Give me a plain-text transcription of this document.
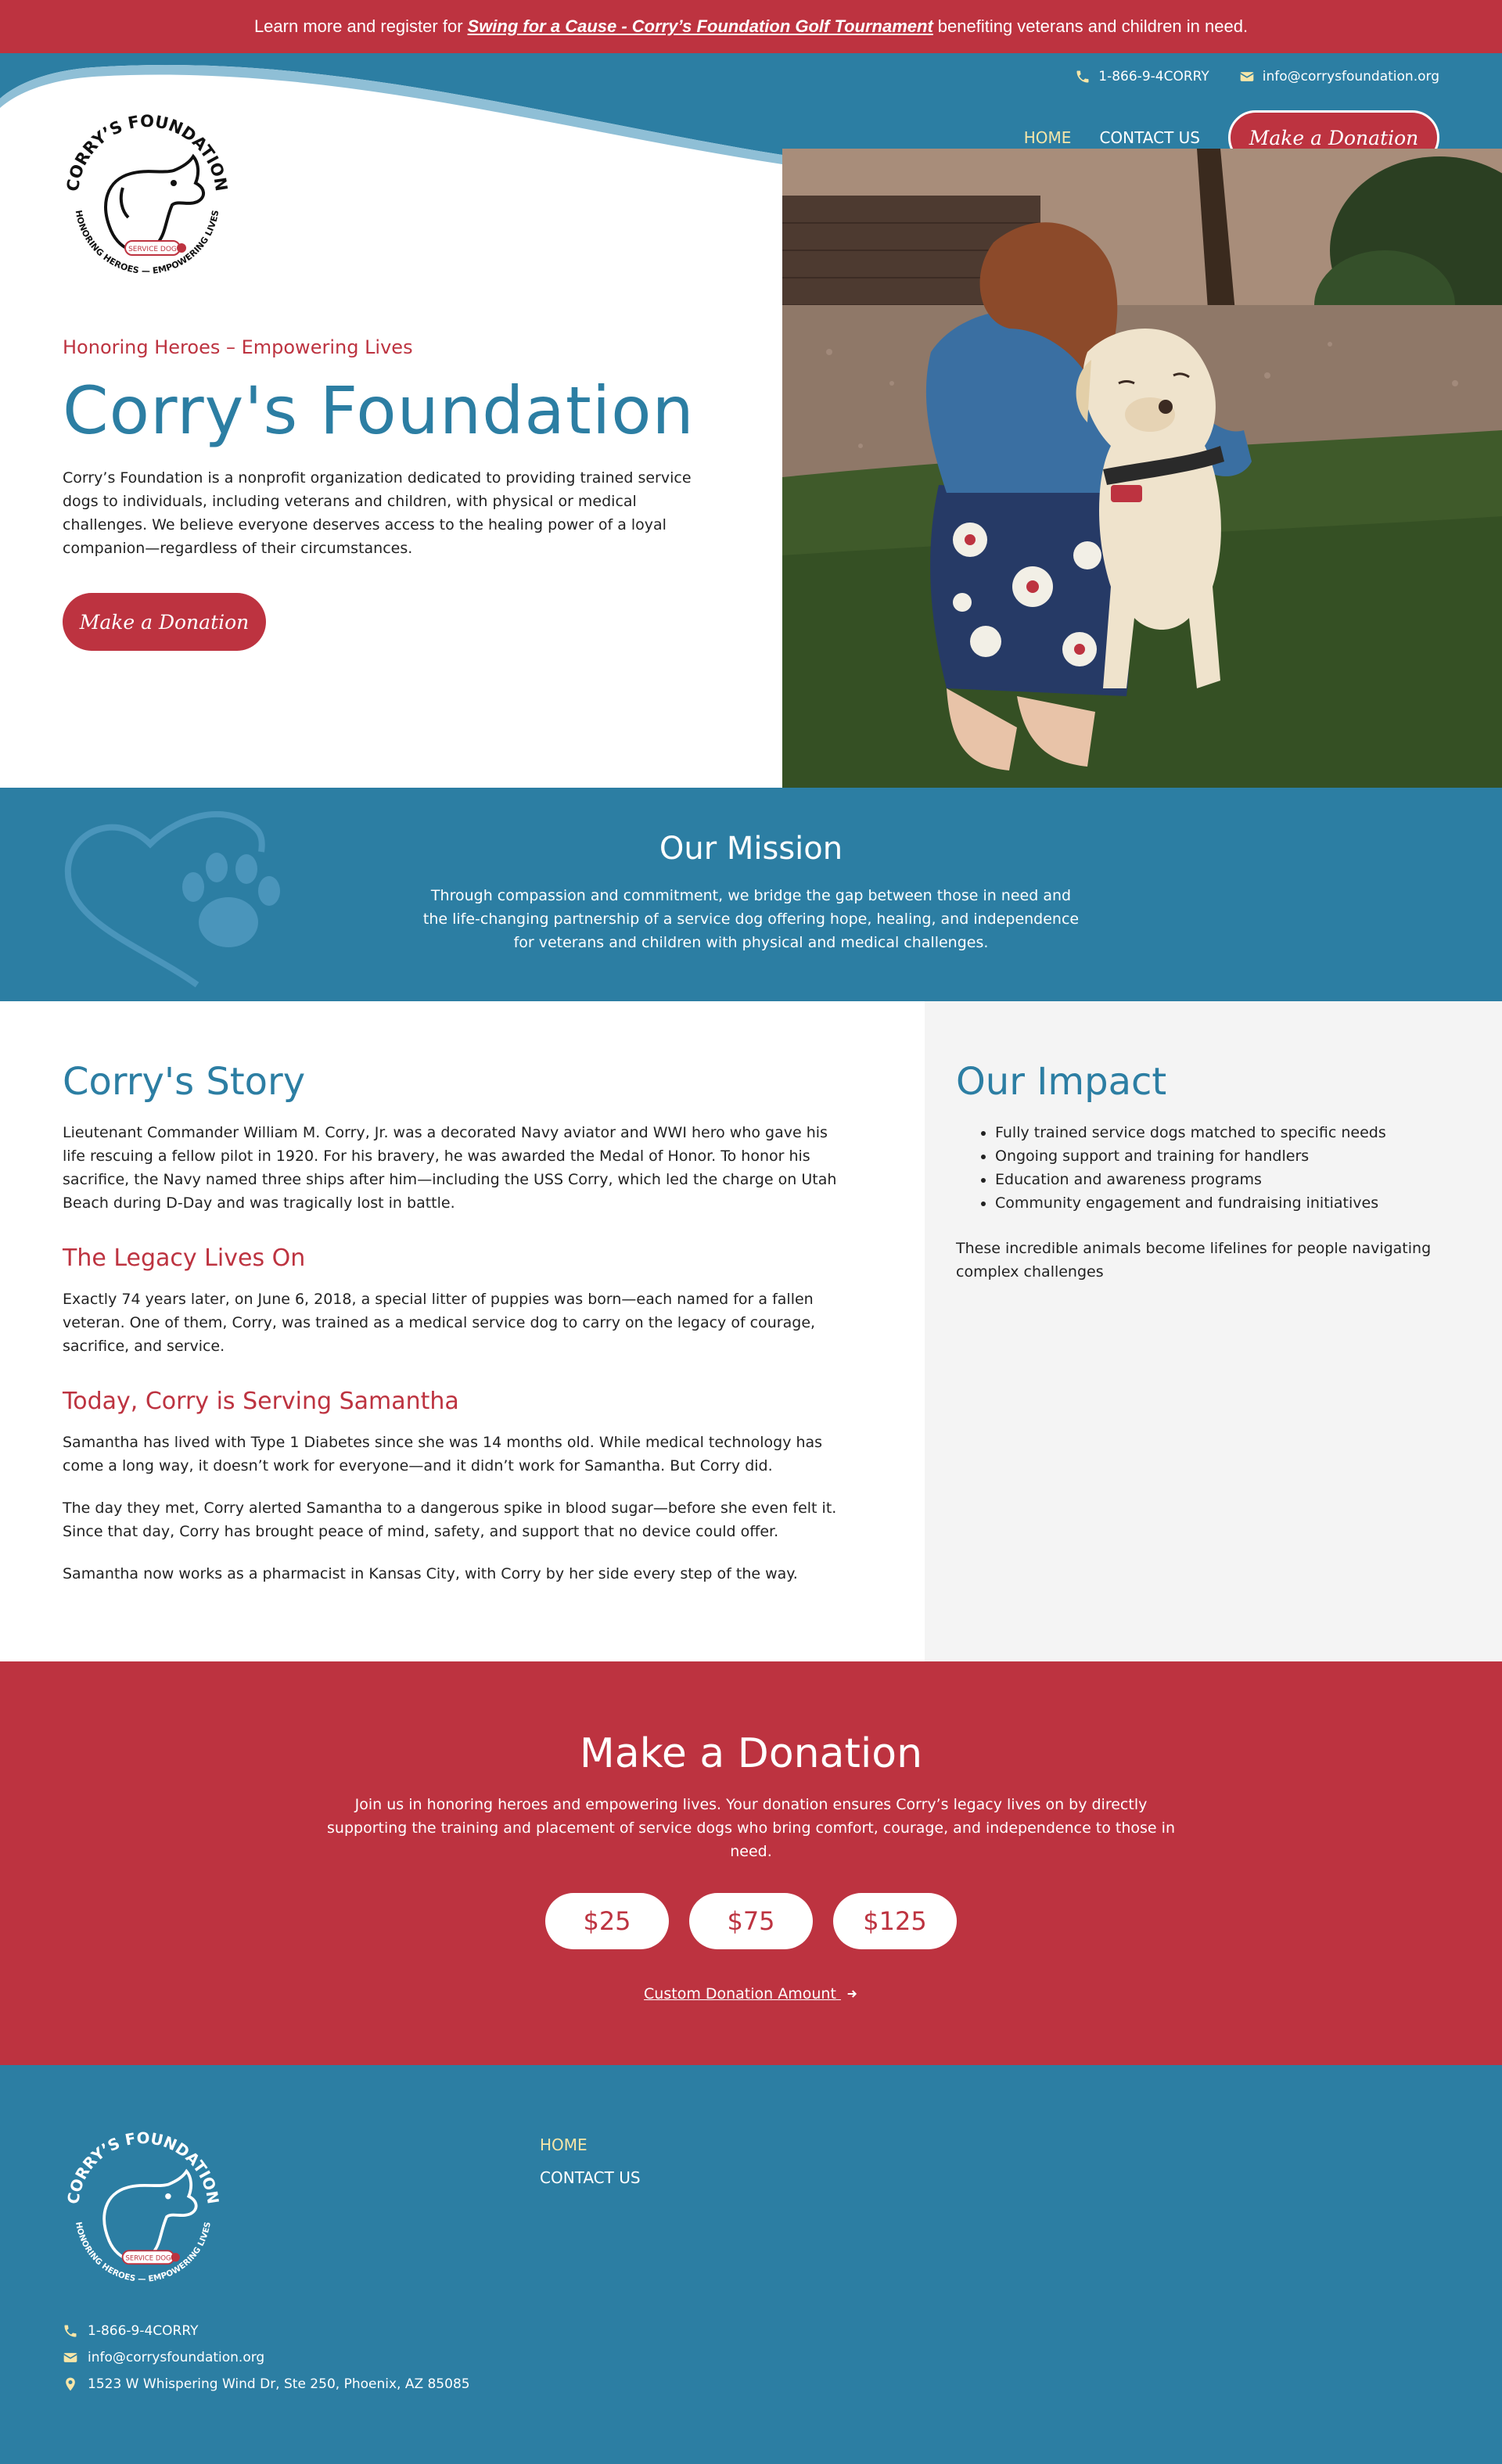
Learn more and register for Swing for a Cause - Corry’s Foundation Golf Tournament benefiting veterans and children in need.
1-866-9-4CORRY	info@corrysfoundation.org
HOME CONTACT US	Make a Donation
CORRY’S FOUNDATION
HONORING HEROES — EMPOWERING LIVES
SERVICE DOG
Honoring Heroes – Empowering Lives
Corry's Foundation

Corry’s Foundation is a nonprofit organization dedicated to providing trained service dogs to individuals, including veterans and children, with physical or medical challenges. We believe everyone deserves access to the healing power of a loyal companion—regardless of their circumstances.

Make a Donation
Our Mission

Through compassion and commitment, we bridge the gap between those in need and the life-changing partnership of a service dog offering hope, healing, and independence for veterans and children with physical and medical challenges.

Corry's Story

Lieutenant Commander William M. Corry, Jr. was a decorated Navy aviator and WWI hero who gave his life rescuing a fellow pilot in 1920. For his bravery, he was awarded the Medal of Honor. To honor his sacrifice, the Navy named three ships after him—including the USS Corry, which led the charge on Utah Beach during D-Day and was tragically lost in battle.

The Legacy Lives On

Exactly 74 years later, on June 6, 2018, a special litter of puppies was born—each named for a fallen veteran. One of them, Corry, was trained as a medical service dog to carry on the legacy of courage, sacrifice, and service.

Today, Corry is Serving Samantha

Samantha has lived with Type 1 Diabetes since she was 14 months old. While medical technology has come a long way, it doesn’t work for everyone—and it didn’t work for Samantha. But Corry did.

The day they met, Corry alerted Samantha to a dangerous spike in blood sugar—before she even felt it. Since that day, Corry has brought peace of mind, safety, and support that no device could offer.

Samantha now works as a pharmacist in Kansas City, with Corry by her side every step of the way.

Our Impact
• Fully trained service dogs matched to specific needs
• Ongoing support and training for handlers
• Education and awareness programs
• Community engagement and fundraising initiatives

These incredible animals become lifelines for people navigating complex challenges

Make a Donation

Join us in honoring heroes and empowering lives. Your donation ensures Corry’s legacy lives on by directly supporting the training and placement of service dogs who bring comfort, courage, and independence to those in need.

$25	$75	$125
Custom Donation Amount
CORRY’S FOUNDATION
HONORING HEROES — EMPOWERING LIVES
SERVICE DOG
HOME
CONTACT US
1-866-9-4CORRY
info@corrysfoundation.org
1523 W Whispering Wind Dr, Ste 250, Phoenix, AZ 85085
